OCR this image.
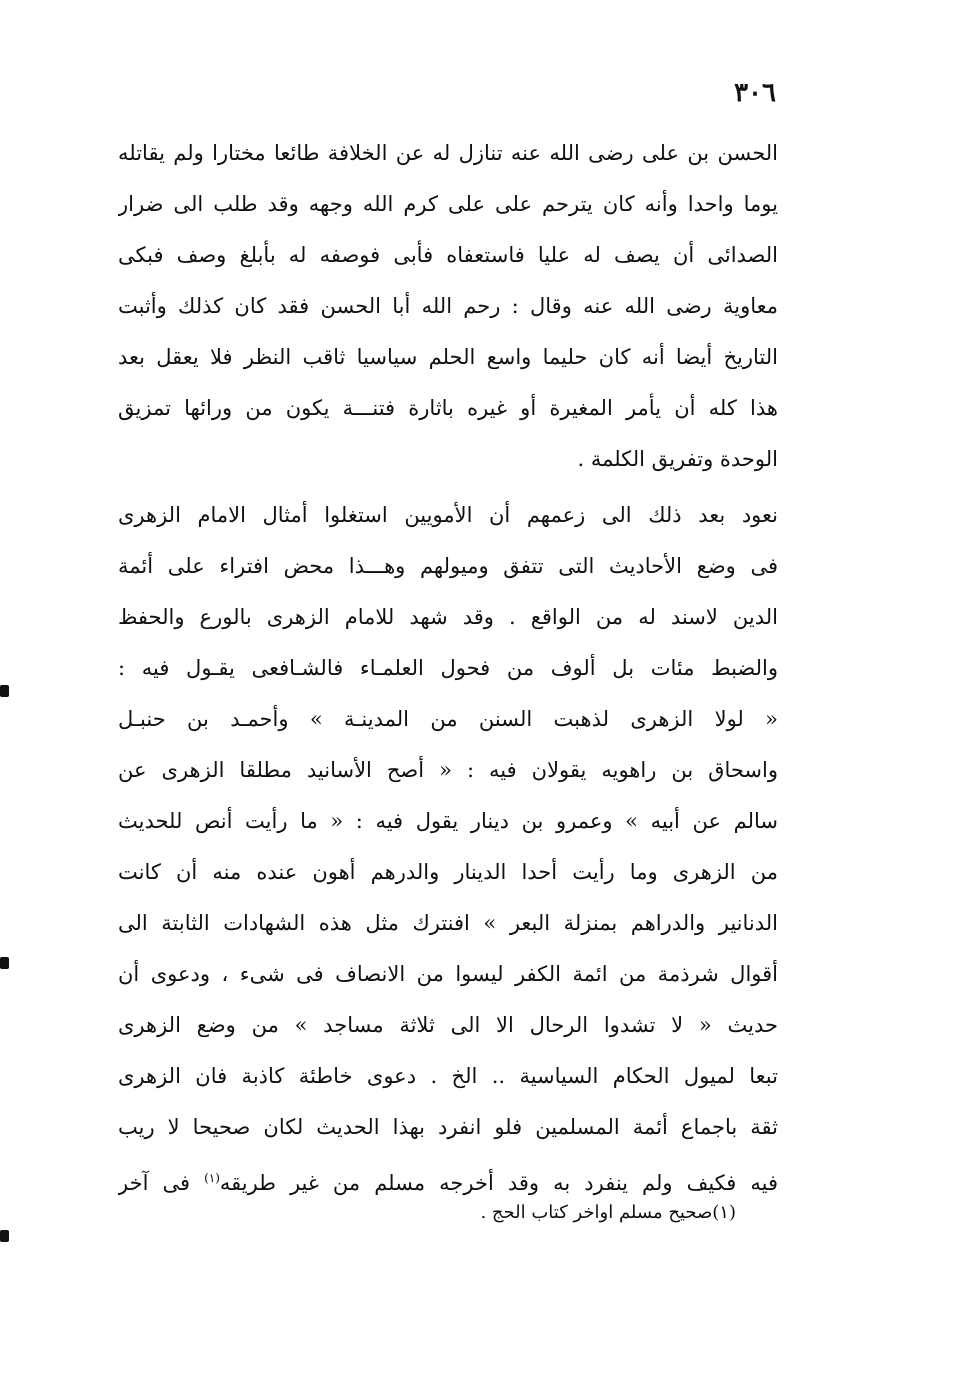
٣٠٦
الحسن بن على رضى الله عنه تنازل له عن الخلافة طائعا مختارا ولم يقاتله
يوما واحدا وأنه كان يترحم على على كرم الله وجهه وقد طلب الى ضرار
الصدائى أن يصف له عليا فاستعفاه فأبى فوصفه له بأبلغ وصف فبكى
معاوية رضى الله عنه وقال : رحم الله أبا الحسن فقد كان كذلك وأثبت
التاريخ أيضا أنه كان حليما واسع الحلم سياسيا ثاقب النظر فلا يعقل بعد
هذا كله أن يأمر المغيرة أو غيره باثارة فتنـــة يكون من ورائها تمزيق
الوحدة وتفريق الكلمة .
نعود بعد ذلك الى زعمهم أن الأمويين استغلوا أمثال الامام الزهرى
فى وضع الأحاديث التى تتفق وميولهم وهـــذا محض افتراء على أئمة
الدين لاسند له من الواقع . وقد شهد للامام الزهرى بالورع والحفظ
والضبط مئات بل ألوف من فحول العلمـاء فالشـافعى يقـول فيه :
« لولا الزهرى لذهبت السنن من المدينـة » وأحمـد بن حنبـل
واسحاق بن راهويه يقولان فيه : « أصح الأسانيد مطلقا الزهرى عن
سالم عن أبيه » وعمرو بن دينار يقول فيه : « ما رأيت أنص للحديث
من الزهرى وما رأيت أحدا الدينار والدرهم أهون عنده منه أن كانت
الدنانير والدراهم بمنزلة البعر » افنترك مثل هذه الشهادات الثابتة الى
أقوال شرذمة من ائمة الكفر ليسوا من الانصاف فى شىء ، ودعوى أن
حديث « لا تشدوا الرحال الا الى ثلاثة مساجد » من وضع الزهرى
تبعا لميول الحكام السياسية .. الخ . دعوى خاطئة كاذبة فان الزهرى
ثقة باجماع أئمة المسلمين فلو انفرد بهذا الحديث لكان صحيحا لا ريب
فيه فكيف ولم ينفرد به وقد أخرجه مسلم من غير طريقه$^{(١)}$ فى آخر
(١)صحيح مسلم اواخر كتاب الحج .
